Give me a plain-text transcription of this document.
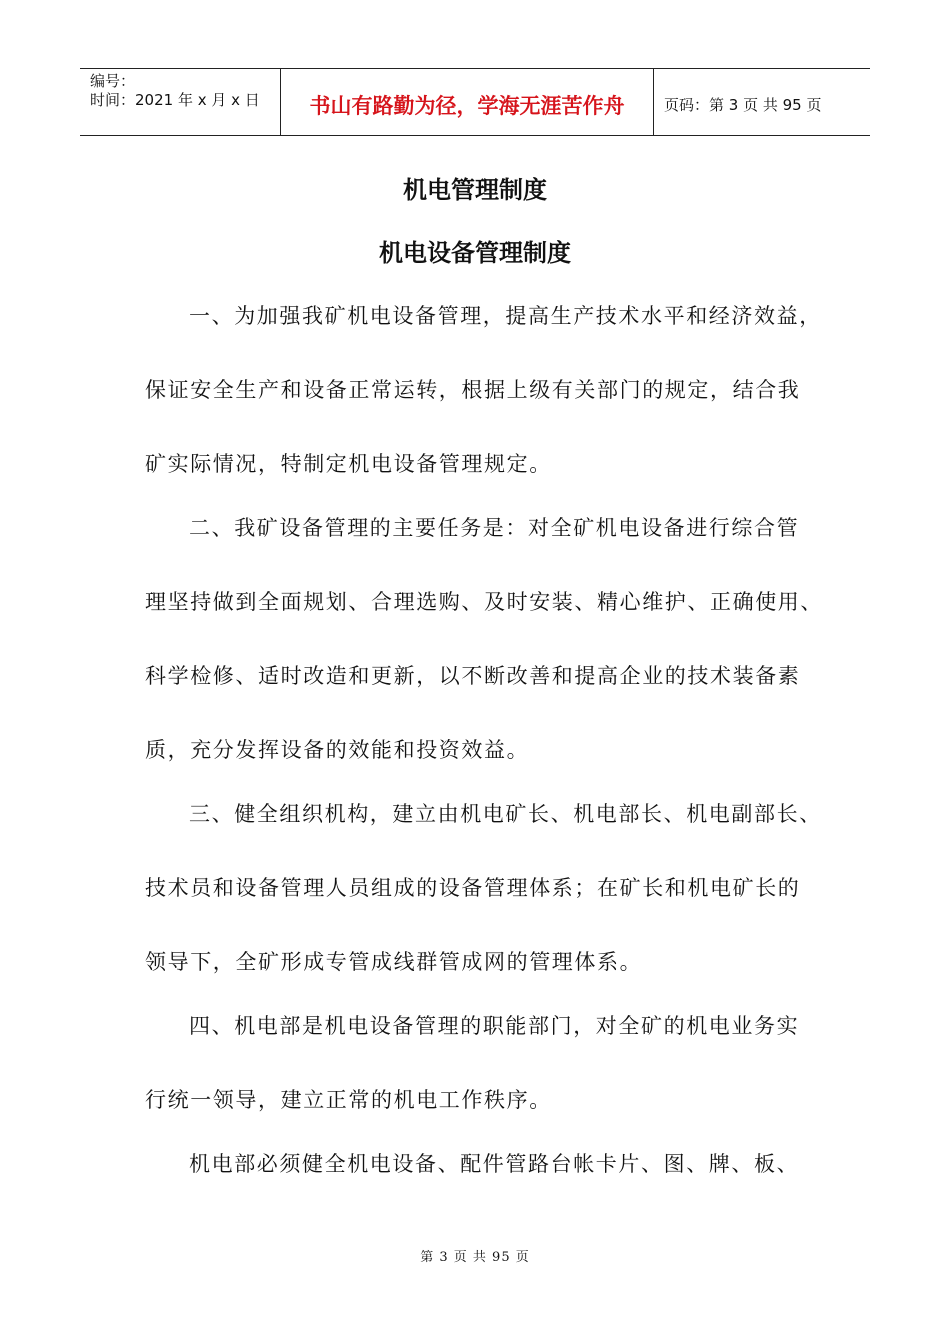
编号：
时间：2021 年 x 月 x 日	书山有路勤为径，学海无涯苦作舟	页码：第 3 页 共 95 页
机电管理制度
机电设备管理制度
一、为加强我矿机电设备管理，提高生产技术水平和经济效益，
保证安全生产和设备正常运转，根据上级有关部门的规定，结合我
矿实际情况，特制定机电设备管理规定。
二、我矿设备管理的主要任务是：对全矿机电设备进行综合管
理坚持做到全面规划、合理选购、及时安装、精心维护、正确使用、
科学检修、适时改造和更新，以不断改善和提高企业的技术装备素
质，充分发挥设备的效能和投资效益。
三、健全组织机构，建立由机电矿长、机电部长、机电副部长、
技术员和设备管理人员组成的设备管理体系；在矿长和机电矿长的
领导下，全矿形成专管成线群管成网的管理体系。
四、机电部是机电设备管理的职能部门，对全矿的机电业务实
行统一领导，建立正常的机电工作秩序。
机电部必须健全机电设备、配件管路台帐卡片、图、牌、板、
第 3 页 共 95 页
